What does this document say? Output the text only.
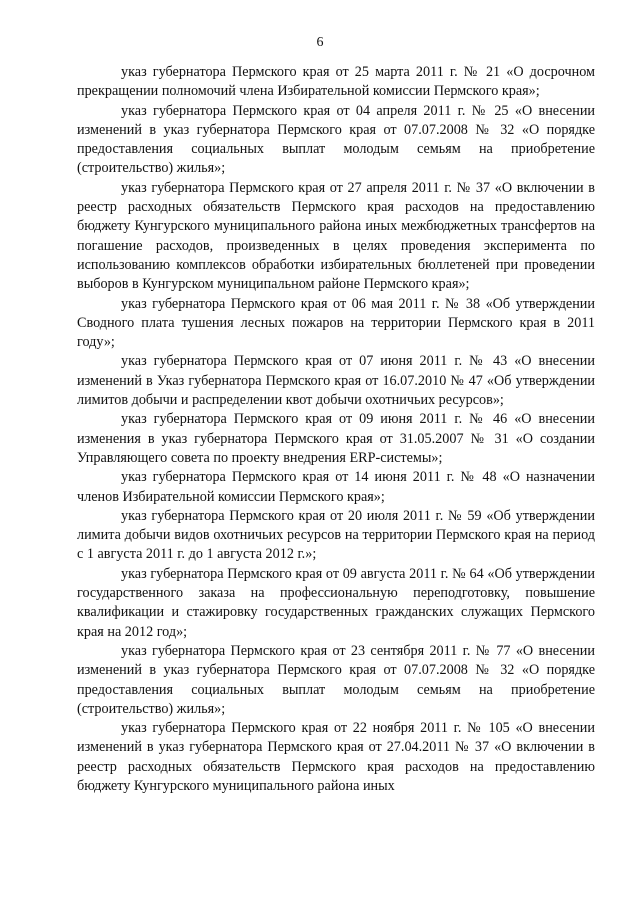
6

указ губернатора Пермского края от 25 марта 2011 г. № 21 «О досрочном прекращении полномочий члена Избирательной комиссии Пермского края»;

указ губернатора Пермского края от 04 апреля 2011 г. № 25 «О внесении изменений в указ губернатора Пермского края от 07.07.2008 № 32 «О порядке предоставления социальных выплат молодым семьям на приобретение (строительство) жилья»;

указ губернатора Пермского края от 27 апреля 2011 г. № 37 «О включении в реестр расходных обязательств Пермского края расходов на предоставлению бюджету Кунгурского муниципального района иных межбюджетных трансфертов на погашение расходов, произведенных в целях проведения эксперимента по использованию комплексов обработки избирательных бюллетеней при проведении выборов в Кунгурском муниципальном районе Пермского края»;

указ губернатора Пермского края от 06 мая 2011 г. № 38 «Об утверждении Сводного плата тушения лесных пожаров на территории Пермского края в 2011 году»;

указ губернатора Пермского края от 07 июня 2011 г. № 43 «О внесении изменений в Указ губернатора Пермского края от 16.07.2010 № 47 «Об утверждении лимитов добычи и распределении квот добычи охотничьих ресурсов»;

указ губернатора Пермского края от 09 июня 2011 г. № 46 «О внесении изменения в указ губернатора Пермского края от 31.05.2007 № 31 «О создании Управляющего совета по проекту внедрения ERP-системы»;

указ губернатора Пермского края от 14 июня 2011 г. № 48 «О назначении членов Избирательной комиссии Пермского края»;

указ губернатора Пермского края от 20 июля 2011 г. № 59 «Об утверждении лимита добычи видов охотничьих ресурсов на территории Пермского края на период с 1 августа 2011 г. до 1 августа 2012 г.»;

указ губернатора Пермского края от 09 августа 2011 г. № 64 «Об утверждении государственного заказа на профессиональную переподготовку, повышение квалификации и стажировку государственных гражданских служащих Пермского края на 2012 год»;

указ губернатора Пермского края от 23 сентября 2011 г. № 77 «О внесении изменений в указ губернатора Пермского края от 07.07.2008 № 32 «О порядке предоставления социальных выплат молодым семьям на приобретение (строительство) жилья»;

указ губернатора Пермского края от 22 ноября 2011 г. № 105 «О внесении изменений в указ губернатора Пермского края от 27.04.2011 № 37 «О включении в реестр расходных обязательств Пермского края расходов на предоставлению бюджету Кунгурского муниципального района иных
